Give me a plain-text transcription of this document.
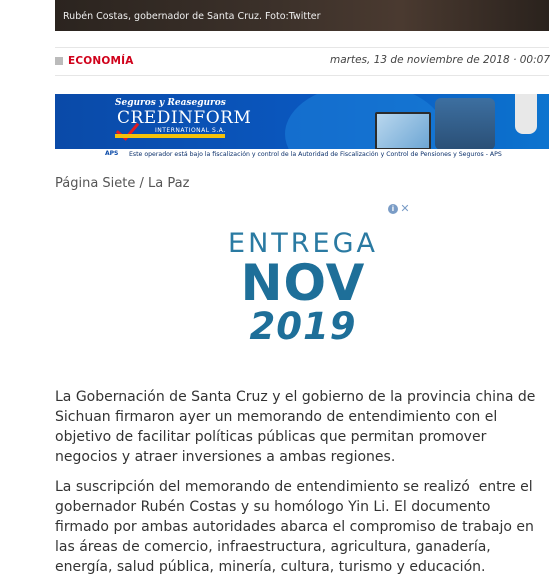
Rubén Costas, gobernador de Santa Cruz. Foto:Twitter
ECONOMÍA	martes, 13 de noviembre de 2018 · 00:07
Seguros y Reaseguros
CREDINFORM
INTERNATIONAL S.A.
APS Este operador está bajo la fiscalización y control de la Autoridad de Fiscalización y Control de Pensiones y Seguros - APS
Página Siete / La Paz
i ✕
ENTREGA
NOV
2019

La Gobernación de Santa Cruz y el gobierno de la provincia china de   Sichuan firmaron ayer un memorando de entendimiento con el objetivo de facilitar políticas públicas que permitan promover negocios y atraer inversiones a ambas regiones.

La suscripción del memorando de entendimiento se realizó  entre el gobernador Rubén Costas y su homólogo Yin Li. El documento  firmado por ambas autoridades abarca el compromiso de trabajo en las áreas de comercio, infraestructura, agricultura, ganadería, energía, salud pública, minería, cultura, turismo y educación.
